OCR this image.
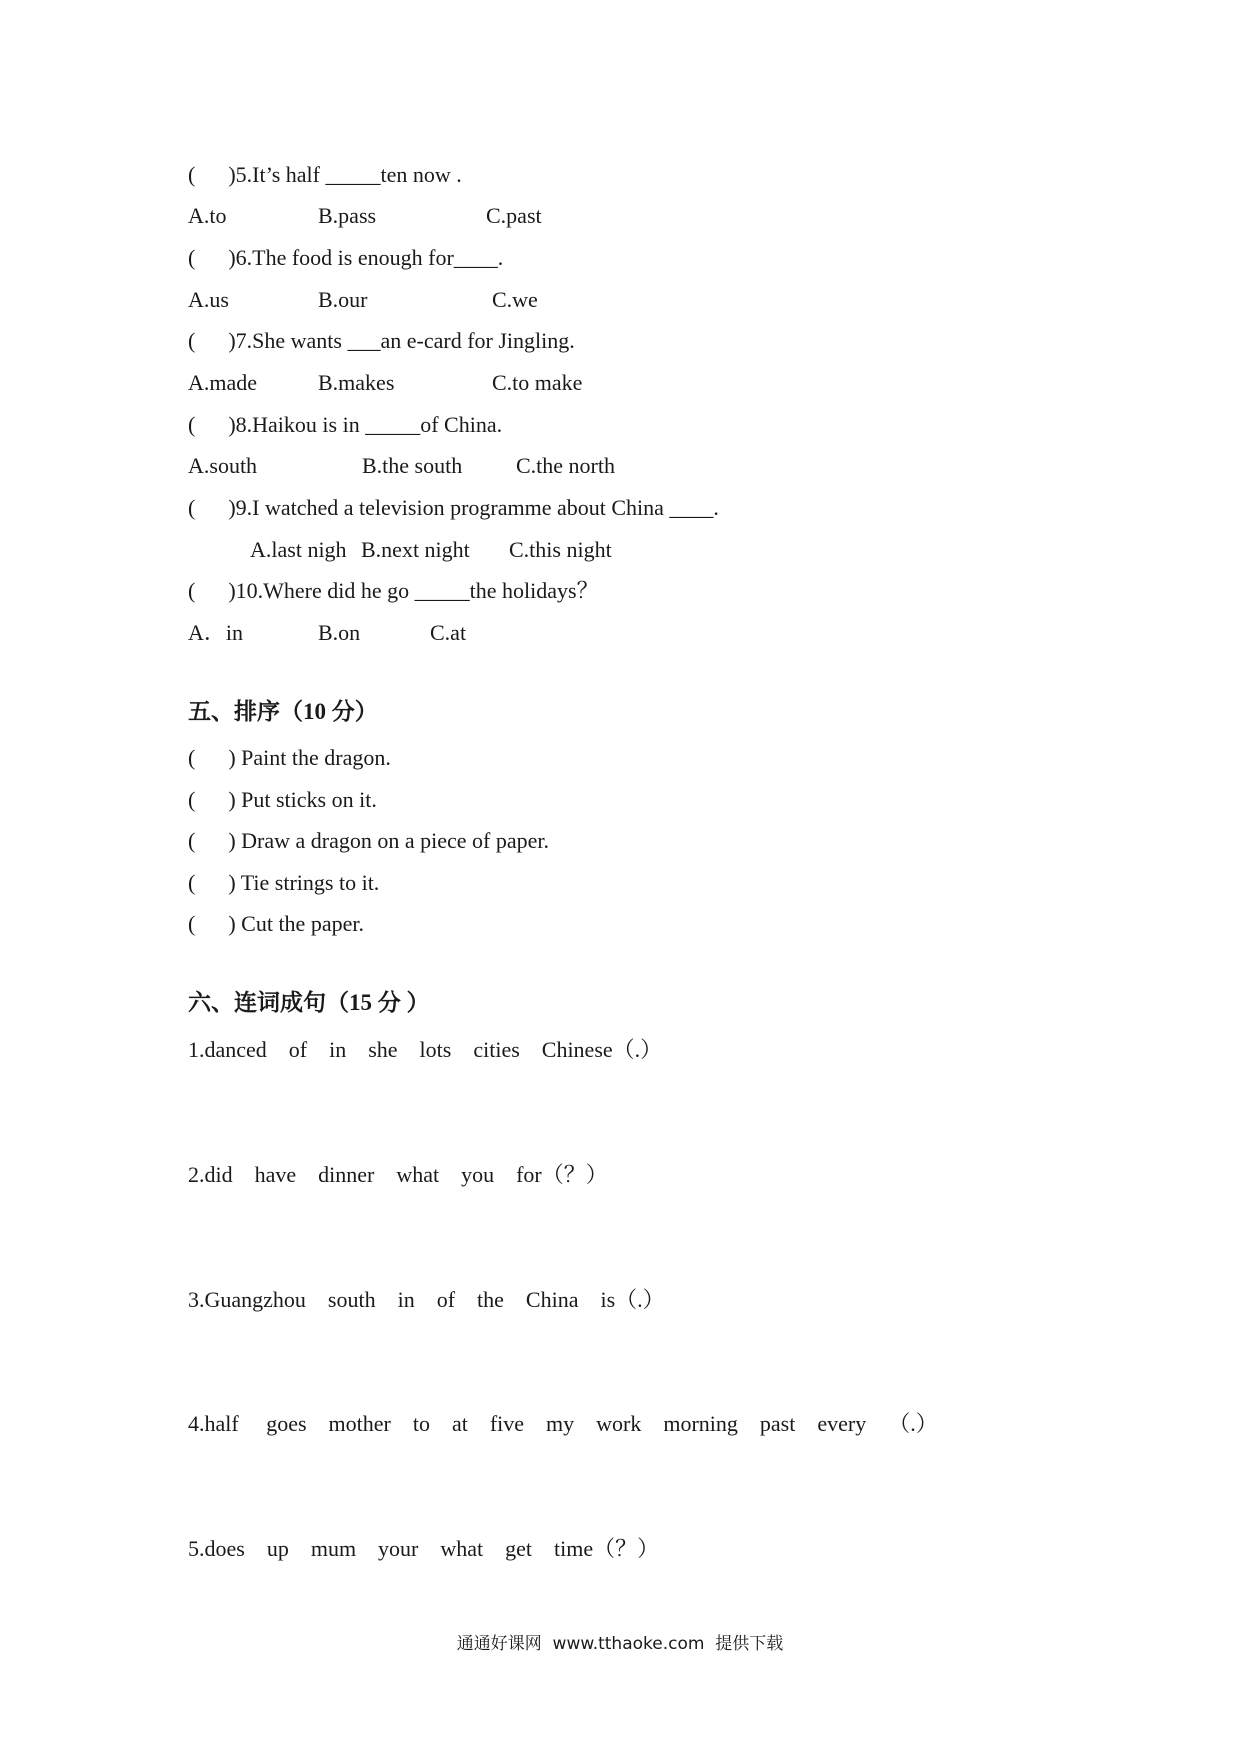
(      )5.It’s half _____ten now .
A.to	B.pass	C.past
(      )6.The food is enough for____.
A.us	B.our	C.we
(      )7.She wants ___an e-card for Jingling.
A.made	B.makes	C.to make
(      )8.Haikou is in _____of China.
A.south	B.the south C.the north
(      )9.I watched a television programme about China ____.
A.last nigh B.next night C.this night
(      )10.Where did he go _____the holidays？
A．in	B.on	C.at
五、排序（10 分）
(      ) Paint the dragon.
(      ) Put sticks on it.
(      ) Draw a dragon on a piece of paper.
(      ) Tie strings to it.
(      ) Cut the paper.
六、连词成句（15 分 ）
1.danced    of    in    she    lots    cities    Chinese（.）
2.did    have    dinner    what    you    for（？）
3.Guangzhou    south    in    of    the    China    is（.）
4.half     goes    mother    to    at    five    my    work    morning    past    every    （.）
5.does    up    mum    your    what    get    time（？）
通通好课网  www.tthaoke.com  提供下载
